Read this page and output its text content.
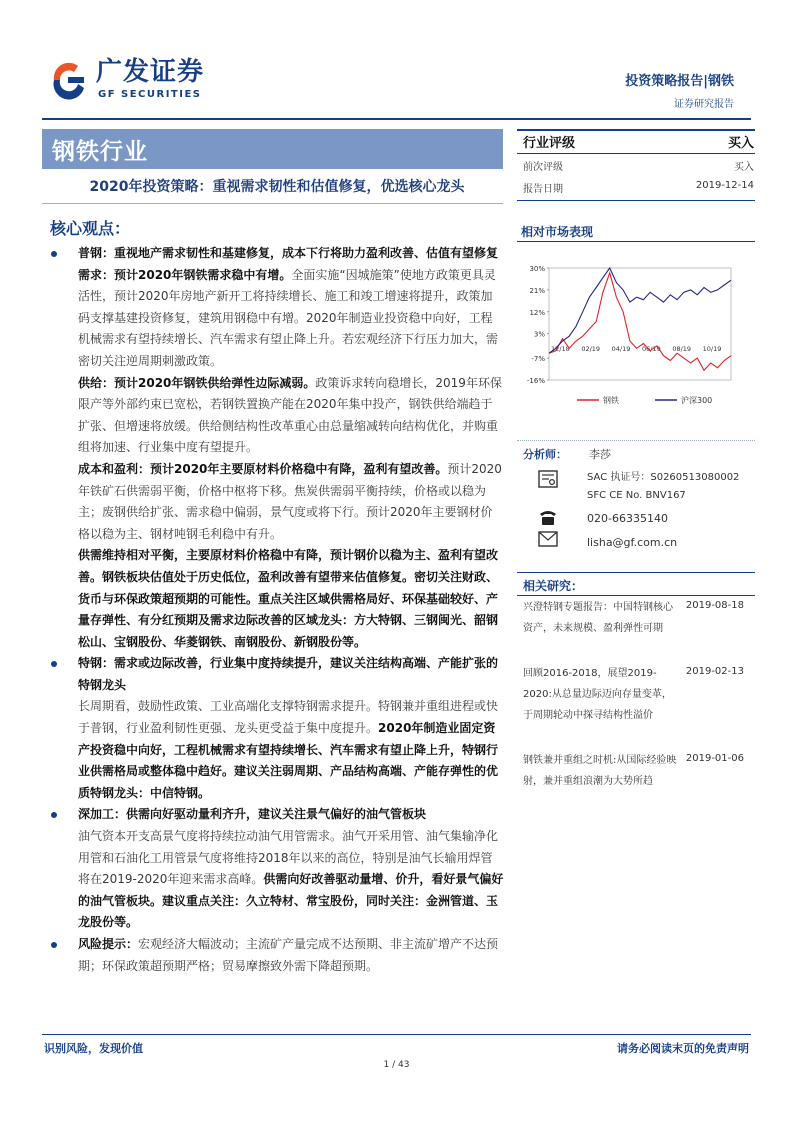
广发证券
GF SECURITIES
投资策略报告|钢铁
证券研究报告
钢铁行业
2020年投资策略：重视需求韧性和估值修复，优选核心龙头
核心观点：

普钢：重视地产需求韧性和基建修复，成本下行将助力盈利改善、估值有望修复

需求：预计2020年钢铁需求稳中有增。全面实施“因城施策”使地方政策更具灵活性，预计2020年房地产新开工将持续增长、施工和竣工增速将提升，政策加码支撑基建投资修复，建筑用钢稳中有增。2020年制造业投资稳中向好，工程机械需求有望持续增长、汽车需求有望止降上升。若宏观经济下行压力加大，需密切关注逆周期刺激政策。

供给：预计2020年钢铁供给弹性边际减弱。政策诉求转向稳增长，2019年环保限产等外部约束已宽松，若钢铁置换产能在2020年集中投产，钢铁供给端趋于扩张、但增速将放缓。供给侧结构性改革重心由总量缩减转向结构优化，并购重组将加速、行业集中度有望提升。

成本和盈利：预计2020年主要原材料价格稳中有降，盈利有望改善。预计2020年铁矿石供需弱平衡，价格中枢将下移。焦炭供需弱平衡持续，价格或以稳为主；废钢供给扩张、需求稳中偏弱，景气度或将下行。预计2020年主要钢材价格以稳为主、钢材吨钢毛利稳中有升。

供需维持相对平衡，主要原材料价格稳中有降，预计钢价以稳为主、盈利有望改善。钢铁板块估值处于历史低位，盈利改善有望带来估值修复。密切关注财政、货币与环保政策超预期的可能性。重点关注区域供需格局好、环保基础较好、产量存弹性、有分红预期及需求边际改善的区域龙头：方大特钢、三钢闽光、韶钢松山、宝钢股份、华菱钢铁、南钢股份、新钢股份等。

特钢：需求或边际改善，行业集中度持续提升，建议关注结构高端、产能扩张的特钢龙头

长周期看，鼓励性政策、工业高端化支撑特钢需求提升。特钢兼并重组进程或快于普钢，行业盈利韧性更强、龙头更受益于集中度提升。2020年制造业固定资产投资稳中向好，工程机械需求有望持续增长、汽车需求有望止降上升，特钢行业供需格局或整体稳中趋好。建议关注弱周期、产品结构高端、产能存弹性的优质特钢龙头：中信特钢。

深加工：供需向好驱动量利齐升，建议关注景气偏好的油气管板块

油气资本开支高景气度将持续拉动油气用管需求。油气开采用管、油气集输净化用管和石油化工用管景气度将维持2018年以来的高位，特别是油气长输用焊管将在2019-2020年迎来需求高峰。供需向好改善驱动量增、价升，看好景气偏好的油气管板块。建议重点关注：久立特材、常宝股份，同时关注：金洲管道、玉龙股份等。

风险提示：宏观经济大幅波动；主流矿产量完成不达预期、非主流矿增产不达预期；环保政策超预期严格；贸易摩擦致外需下降超预期。

行业评级	买入
前次评级	买入
报告日期	2019-12-14
相对市场表现
30%
21%
12%
3%
-7%
-16%
12/18 02/19 04/19 06/19 08/19 10/19
钢铁	沪深300
分析师： 李莎
SAC 执证号：S0260513080002
SFC CE No. BNV167
020-66335140
lisha@gf.com.cn
相关研究：
兴澄特钢专题报告：中国特钢核心资产，未来规模、盈利弹性可期
2019-08-18
回顾2016-2018，展望2019-2020:从总量边际迈向存量变革，于周期轮动中探寻结构性溢价
2019-02-13
钢铁兼并重组之时机:从国际经验映射，兼并重组浪潮为大势所趋
2019-01-06
识别风险，发现价值	请务必阅读末页的免责声明
1 / 43
